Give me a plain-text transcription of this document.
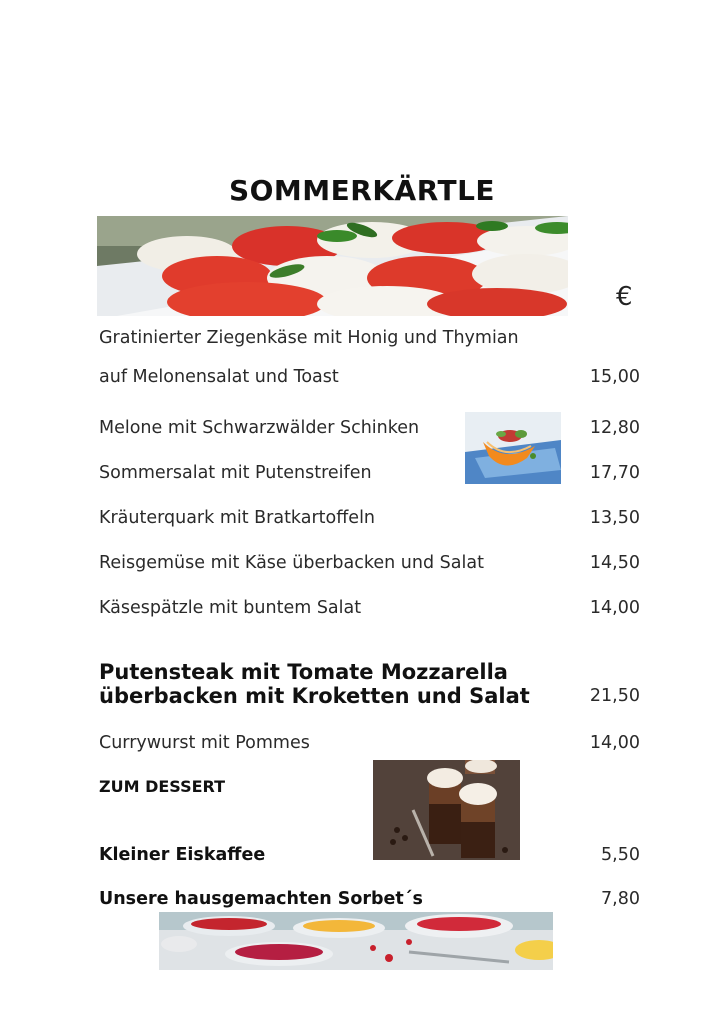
SOMMERKÄRTLE
€
Gratinierter Ziegenkäse mit Honig und Thymian
auf Melonensalat und Toast	15,00
Melone mit Schwarzwälder Schinken	12,80
Sommersalat mit Putenstreifen	17,70
Kräuterquark mit Bratkartoffeln	13,50
Reisgemüse mit Käse überbacken und Salat	14,50
Käsespätzle mit buntem Salat	14,00
Putensteak mit Tomate Mozzarella
überbacken mit Kroketten und Salat	21,50
Currywurst mit Pommes	14,00
ZUM DESSERT
Kleiner Eiskaffee	5,50
Unsere hausgemachten Sorbet´s	7,80
